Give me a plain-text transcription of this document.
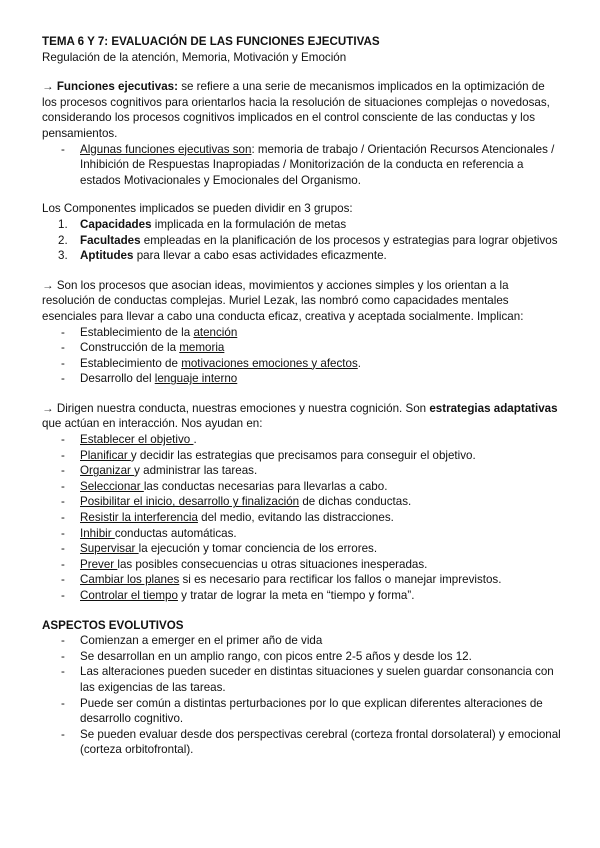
TEMA 6 Y 7: EVALUACIÓN DE LAS FUNCIONES EJECUTIVAS

Regulación de la atención, Memoria, Motivación y Emoción

→ Funciones ejecutivas: se refiere a una serie de mecanismos implicados en la optimización de los procesos cognitivos para orientarlos hacia la resolución de situaciones complejas o novedosas, considerando los procesos cognitivos implicados en el control consciente de las conductas y los pensamientos.

- Algunas funciones ejecutivas son: memoria de trabajo / Orientación Recursos Atencionales / Inhibición de Respuestas Inapropiadas / Monitorización de la conducta en referencia a estados Motivacionales y Emocionales del Organismo.

Los Componentes implicados se pueden dividir en 3 grupos:

1. Capacidades implicada en la formulación de metas
2. Facultades empleadas en la planificación de los procesos y estrategias para lograr objetivos
3. Aptitudes para llevar a cabo esas actividades eficazmente.

→ Son los procesos que asocian ideas, movimientos y acciones simples y los orientan a la resolución de conductas complejas. Muriel Lezak, las nombró como capacidades mentales esenciales para llevar a cabo una conducta eficaz, creativa y aceptada socialmente. Implican:

- Establecimiento de la atención
- Construcción de la memoria
- Establecimiento de motivaciones emociones y afectos.
- Desarrollo del lenguaje interno

→ Dirigen nuestra conducta, nuestras emociones y nuestra cognición. Son estrategias adaptativas que actúan en interacción. Nos ayudan en:

- Establecer el objetivo .
- Planificar y decidir las estrategias que precisamos para conseguir el objetivo.
- Organizar y administrar las tareas.
- Seleccionar las conductas necesarias para llevarlas a cabo.
- Posibilitar el inicio, desarrollo y finalización de dichas conductas.
- Resistir la interferencia del medio, evitando las distracciones.
- Inhibir conductas automáticas.
- Supervisar la ejecución y tomar conciencia de los errores.
- Prever las posibles consecuencias u otras situaciones inesperadas.
- Cambiar los planes si es necesario para rectificar los fallos o manejar imprevistos.
- Controlar el tiempo y tratar de lograr la meta en “tiempo y forma”.

ASPECTOS EVOLUTIVOS

- Comienzan a emerger en el primer año de vida
- Se desarrollan en un amplio rango, con picos entre 2-5 años y desde los 12.
- Las alteraciones pueden suceder en distintas situaciones y suelen guardar consonancia con las exigencias de las tareas.
- Puede ser común a distintas perturbaciones por lo que explican diferentes alteraciones de desarrollo cognitivo.
- Se pueden evaluar desde dos perspectivas cerebral (corteza frontal dorsolateral) y emocional (corteza orbitofrontal).
